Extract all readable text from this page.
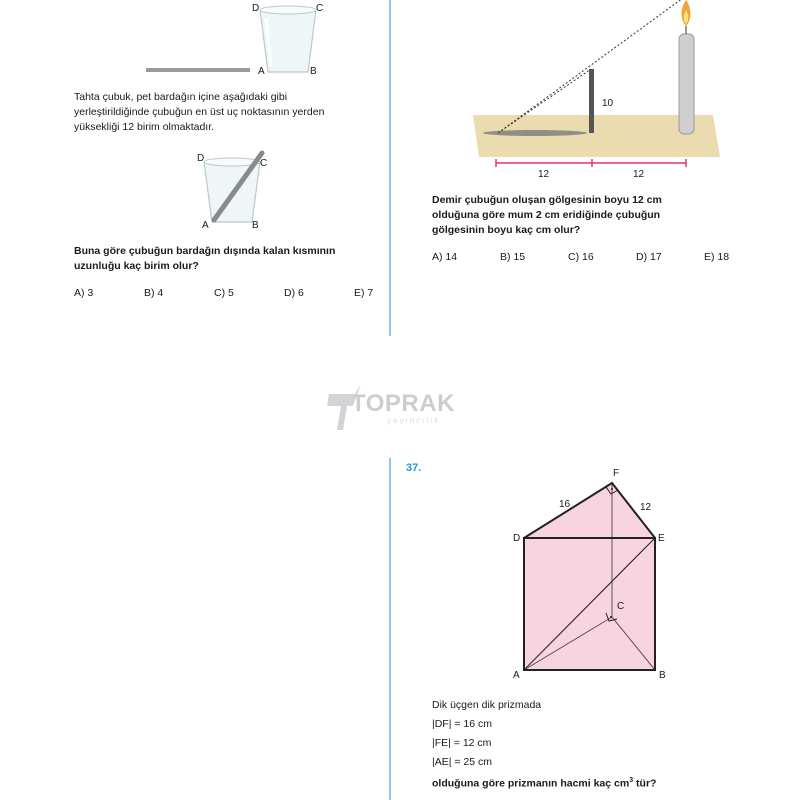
D	C
A	B
Tahta çubuk, pet bardağın içine aşağıdaki gibi
yerleştirildiğinde çubuğun en üst uç noktasının yerden
yüksekliği 12 birim olmaktadır.
D	C
A	B
Buna göre çubuğun bardağın dışında kalan kısmının
uzunluğu kaç birim olur?
A) 3	B) 4	C) 5	D) 6	E) 7
10
12	12
Demir çubuğun oluşan gölgesinin boyu 12 cm
olduğuna göre mum 2 cm eridiğinde çubuğun
gölgesinin boyu kaç cm olur?
A) 14	B) 15	C) 16	D) 17	E) 18
TOPRAK
yayıncılık
37.
16	12
F
D	E
C
A	B
Dik üçgen dik prizmada
|DF| = 16 cm
|FE| = 12 cm
|AE| = 25 cm
olduğuna göre prizmanın hacmi kaç $cm^3$ tür?
